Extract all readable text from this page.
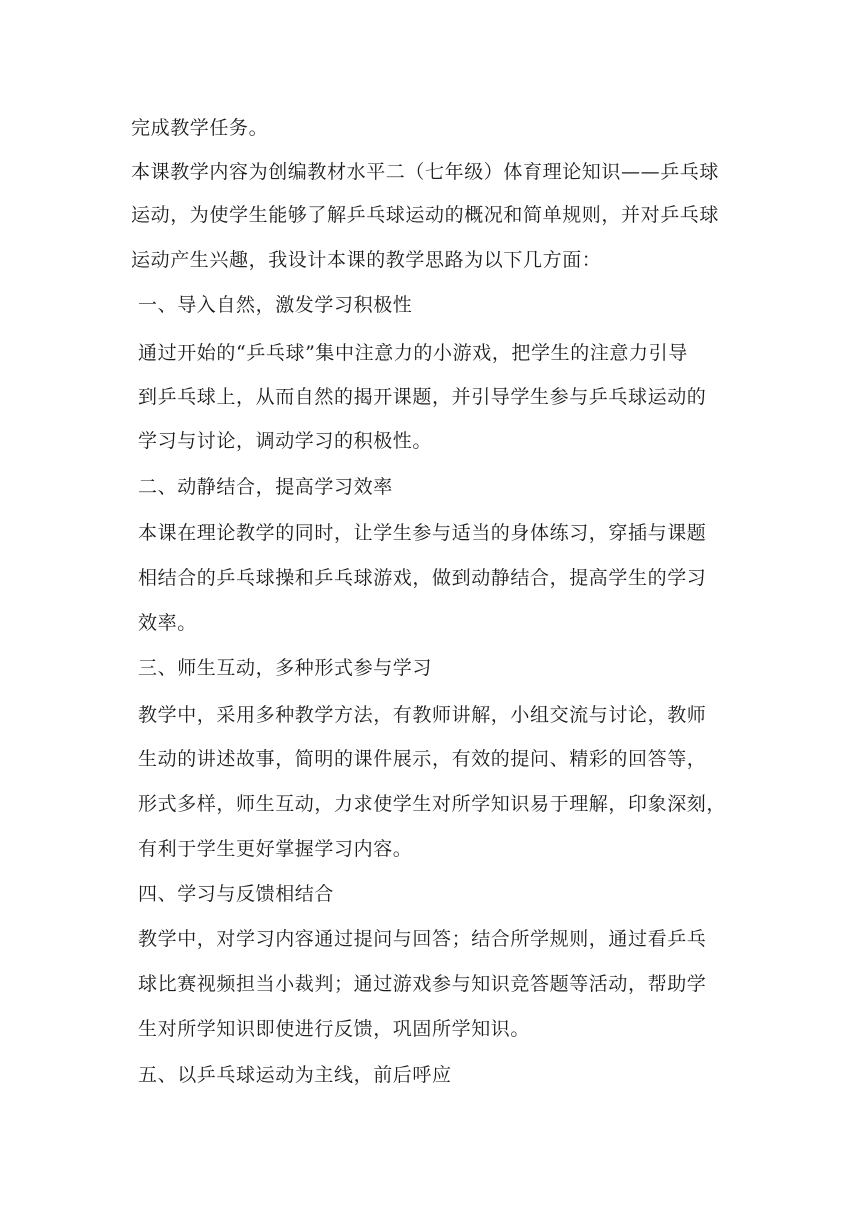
完成教学任务。
本课教学内容为创编教材水平二（七年级）体育理论知识——乒乓球
运动，为使学生能够了解乒乓球运动的概况和简单规则，并对乒乓球
运动产生兴趣，我设计本课的教学思路为以下几方面：
一、导入自然，激发学习积极性
通过开始的“乒乓球”集中注意力的小游戏，把学生的注意力引导
到乒乓球上，从而自然的揭开课题，并引导学生参与乒乓球运动的
学习与讨论，调动学习的积极性。
二、动静结合，提高学习效率
本课在理论教学的同时，让学生参与适当的身体练习，穿插与课题
相结合的乒乓球操和乒乓球游戏，做到动静结合，提高学生的学习
效率。
三、师生互动，多种形式参与学习
教学中，采用多种教学方法，有教师讲解，小组交流与讨论，教师
生动的讲述故事，简明的课件展示，有效的提问、精彩的回答等，
形式多样，师生互动，力求使学生对所学知识易于理解，印象深刻，
有利于学生更好掌握学习内容。
四、学习与反馈相结合
教学中，对学习内容通过提问与回答；结合所学规则，通过看乒乓
球比赛视频担当小裁判；通过游戏参与知识竞答题等活动，帮助学
生对所学知识即使进行反馈，巩固所学知识。
五、以乒乓球运动为主线，前后呼应
